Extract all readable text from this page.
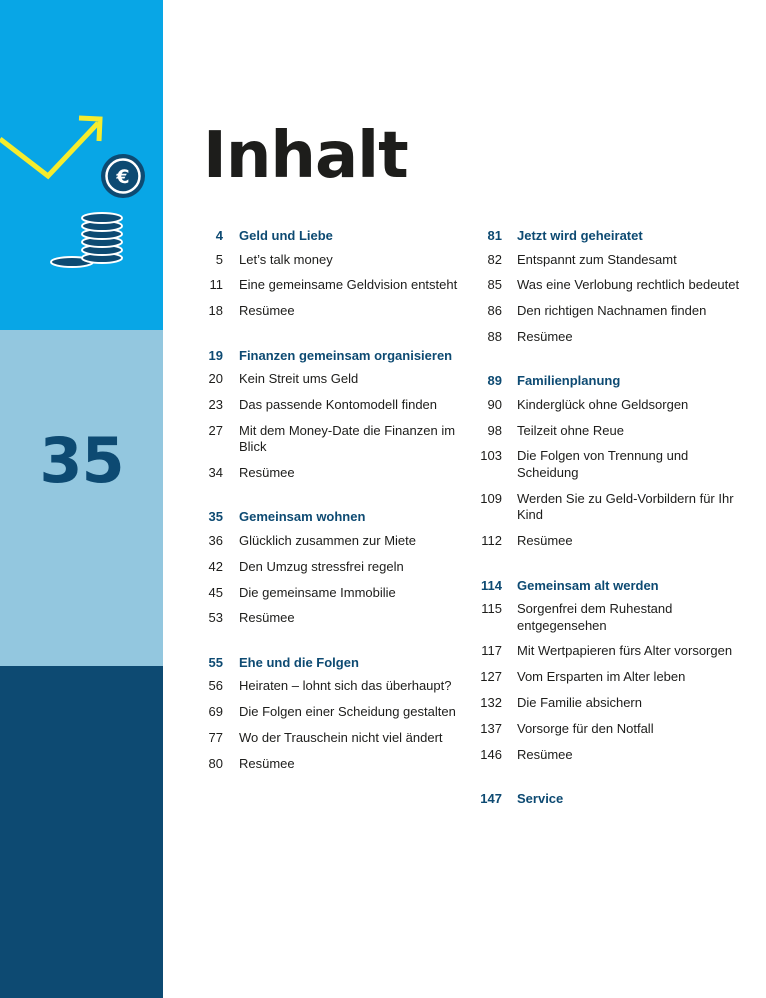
€
35
Inhalt
4 Geld und Liebe
5 Let’s talk money
11 Eine gemeinsame Geldvision entsteht
18 Resümee
19 Finanzen gemeinsam organisieren
20 Kein Streit ums Geld
23 Das passende Kontomodell finden
27 Mit dem Money-Date die Finanzen im Blick
34 Resümee
35 Gemeinsam wohnen
36 Glücklich zusammen zur Miete
42 Den Umzug stressfrei regeln
45 Die gemeinsame Immobilie
53 Resümee
55 Ehe und die Folgen
56 Heiraten – lohnt sich das überhaupt?
69 Die Folgen einer Scheidung gestalten
77 Wo der Trauschein nicht viel ändert
80 Resümee
81 Jetzt wird geheiratet
82 Entspannt zum Standesamt
85 Was eine Verlobung rechtlich bedeutet
86 Den richtigen Nachnamen finden
88 Resümee
89 Familienplanung
90 Kinderglück ohne Geldsorgen
98 Teilzeit ohne Reue
103 Die Folgen von Trennung und Scheidung
109 Werden Sie zu Geld-Vorbildern für Ihr Kind
112 Resümee
114 Gemeinsam alt werden
115 Sorgenfrei dem Ruhestand entgegensehen
117 Mit Wertpapieren fürs Alter vorsorgen
127 Vom Ersparten im Alter leben
132 Die Familie absichern
137 Vorsorge für den Notfall
146 Resümee
147 Service
